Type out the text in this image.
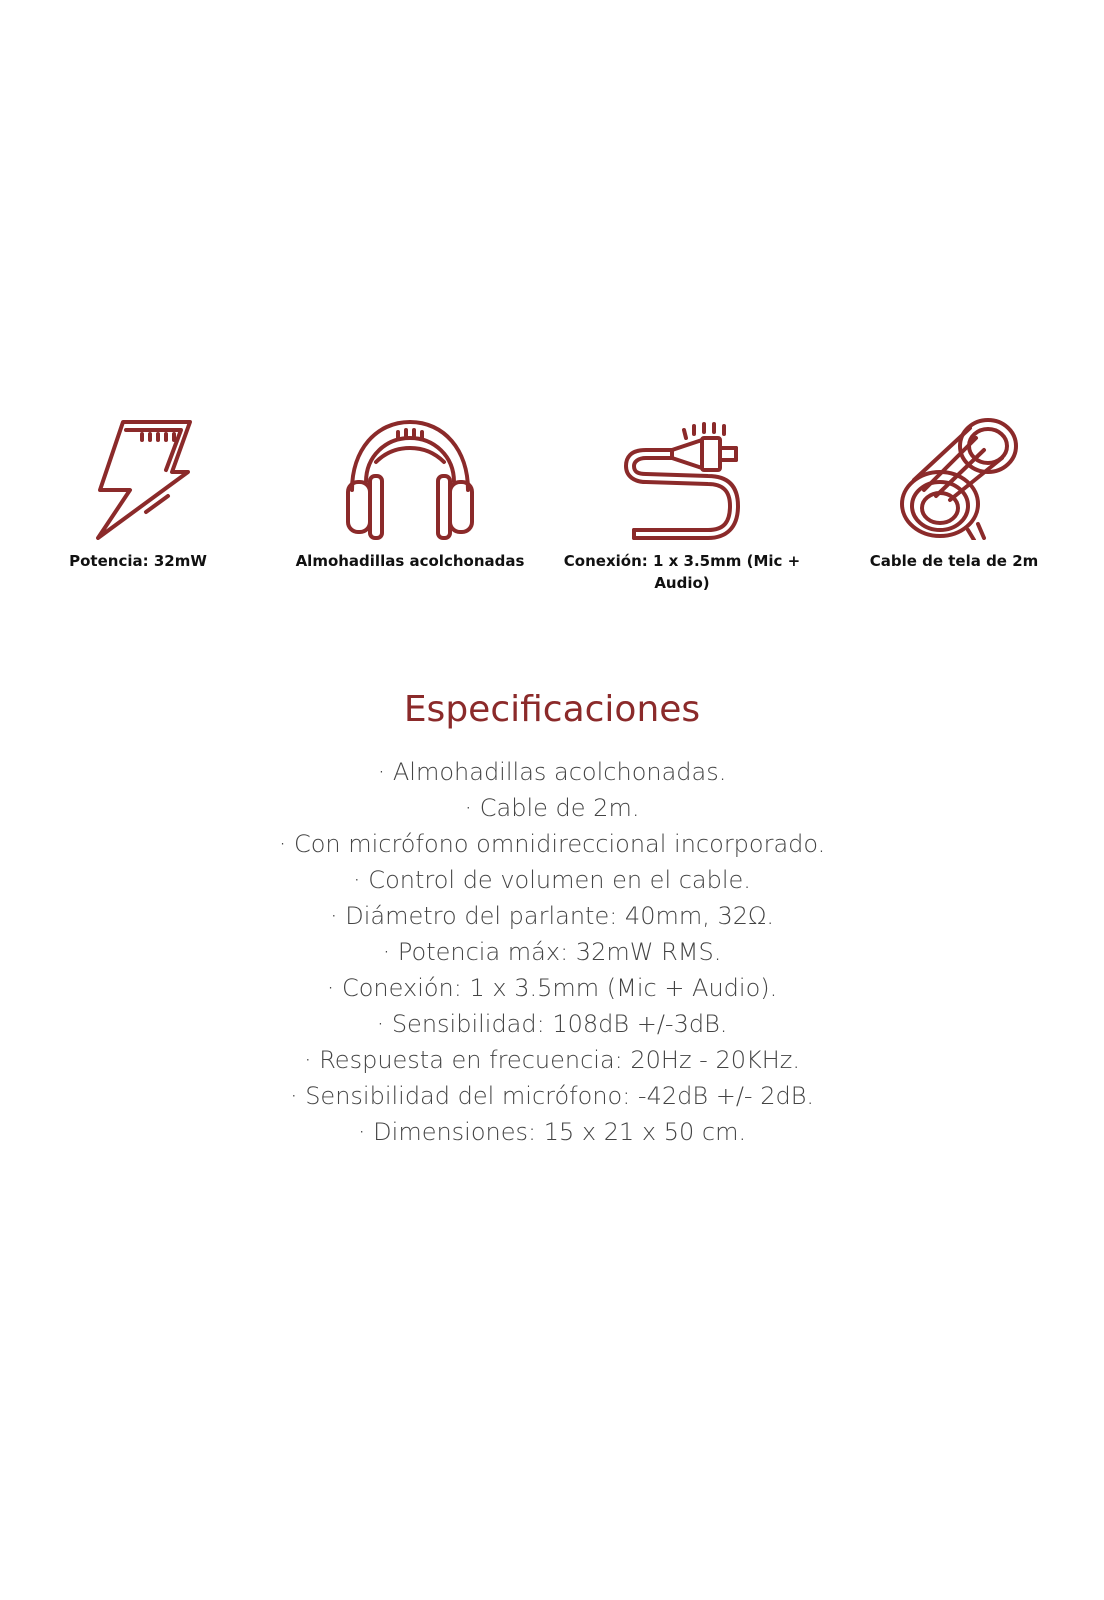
Potencia: 32mW	Almohadillas acolchonadas	Conexión: 1 x 3.5mm (Mic + Audio)
Cable de tela de 2m
Especificaciones
· Almohadillas acolchonadas.
· Cable de 2m.
· Con micrófono omnidireccional incorporado.
· Control de volumen en el cable.
· Diámetro del parlante: 40mm, 32Ω.
· Potencia máx: 32mW RMS.
· Conexión: 1 x 3.5mm (Mic + Audio).
· Sensibilidad: 108dB +/-3dB.
· Respuesta en frecuencia: 20Hz - 20KHz.
· Sensibilidad del micrófono: -42dB +/- 2dB.
· Dimensiones: 15 x 21 x 50 cm.
